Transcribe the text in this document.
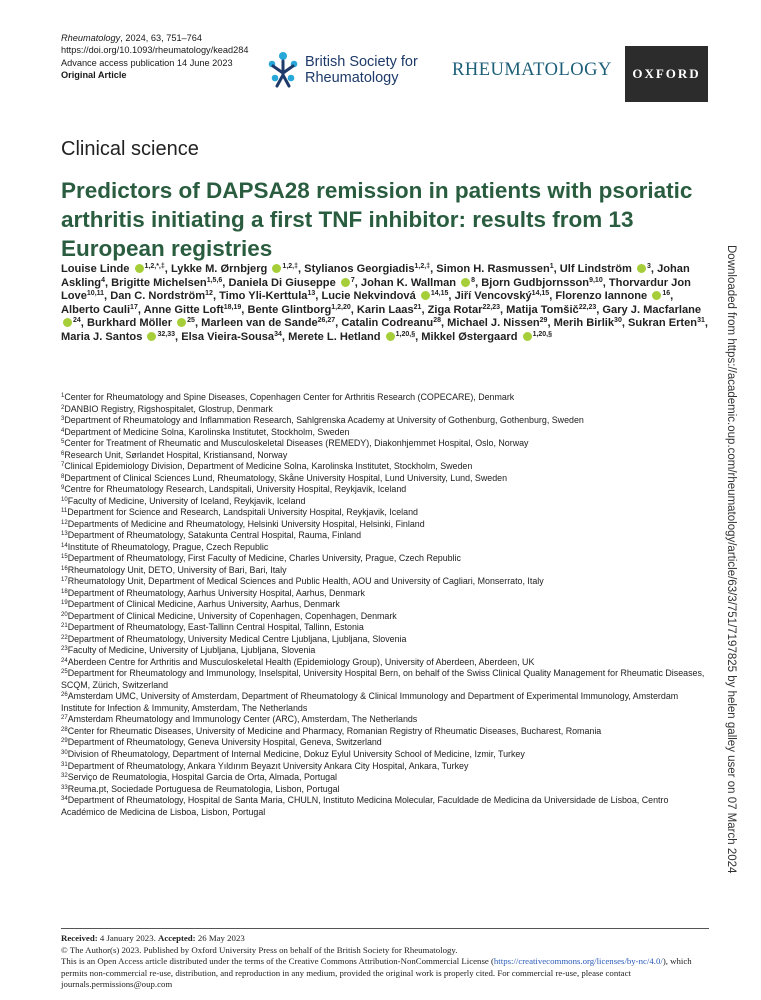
Rheumatology, 2024, 63, 751–764
https://doi.org/10.1093/rheumatology/kead284
Advance access publication 14 June 2023
Original Article
British Society for
Rheumatology	RHEUMATOLOGY	OXFORD
Clinical science
Predictors of DAPSA28 remission in patients with psoriatic arthritis initiating a first TNF inhibitor: results from 13 European registries
Louise Linde $^{1,2,*,\ddagger}$, Lykke M. Ørnbjerg $^{1,2,\ddagger}$, Stylianos Georgiadis$^{1,2,\ddagger}$, Simon H. Rasmussen$^1$, Ulf Lindström $^3$, Johan Askling$^4$, Brigitte Michelsen$^{1,5,6}$, Daniela Di Giuseppe $^7$, Johan K. Wallman $^8$, Bjorn Gudbjornsson$^{9,10}$, Thorvardur Jon Love$^{10,11}$, Dan C. Nordström$^{12}$, Timo Yli-Kerttula$^{13}$, Lucie Nekvindová $^{14,15}$, Jiří Vencovský$^{14,15}$, Florenzo Iannone $^{16}$, Alberto Cauli$^{17}$, Anne Gitte Loft$^{18,19}$, Bente Glintborg$^{1,2,20}$, Karin Laas$^{21}$, Ziga Rotar$^{22,23}$, Matija Tomšič$^{22,23}$, Gary J. Macfarlane $^{24}$, Burkhard Möller $^{25}$, Marleen van de Sande$^{26,27}$, Catalin Codreanu$^{28}$, Michael J. Nissen$^{29}$, Merih Birlik$^{30}$, Sukran Erten$^{31}$, Maria J. Santos $^{32,33}$, Elsa Vieira-Sousa$^{34}$, Merete L. Hetland $^{1,20,\S}$, Mikkel Østergaard $^{1,20,\S}$
$^1$Center for Rheumatology and Spine Diseases, Copenhagen Center for Arthritis Research (COPECARE), Denmark
$^2$DANBIO Registry, Rigshospitalet, Glostrup, Denmark
$^3$Department of Rheumatology and Inflammation Research, Sahlgrenska Academy at University of Gothenburg, Gothenburg, Sweden
$^4$Department of Medicine Solna, Karolinska Institutet, Stockholm, Sweden
$^5$Center for Treatment of Rheumatic and Musculoskeletal Diseases (REMEDY), Diakonhjemmet Hospital, Oslo, Norway
$^6$Research Unit, Sørlandet Hospital, Kristiansand, Norway
$^7$Clinical Epidemiology Division, Department of Medicine Solna, Karolinska Institutet, Stockholm, Sweden
$^8$Department of Clinical Sciences Lund, Rheumatology, Skåne University Hospital, Lund University, Lund, Sweden
$^9$Centre for Rheumatology Research, Landspitali, University Hospital, Reykjavik, Iceland
$^{10}$Faculty of Medicine, University of Iceland, Reykjavik, Iceland
$^{11}$Department for Science and Research, Landspitali University Hospital, Reykjavik, Iceland
$^{12}$Departments of Medicine and Rheumatology, Helsinki University Hospital, Helsinki, Finland
$^{13}$Department of Rheumatology, Satakunta Central Hospital, Rauma, Finland
$^{14}$Institute of Rheumatology, Prague, Czech Republic
$^{15}$Department of Rheumatology, First Faculty of Medicine, Charles University, Prague, Czech Republic
$^{16}$Rheumatology Unit, DETO, University of Bari, Bari, Italy
$^{17}$Rheumatology Unit, Department of Medical Sciences and Public Health, AOU and University of Cagliari, Monserrato, Italy
$^{18}$Department of Rheumatology, Aarhus University Hospital, Aarhus, Denmark
$^{19}$Department of Clinical Medicine, Aarhus University, Aarhus, Denmark
$^{20}$Department of Clinical Medicine, University of Copenhagen, Copenhagen, Denmark
$^{21}$Department of Rheumatology, East-Tallinn Central Hospital, Tallinn, Estonia
$^{22}$Department of Rheumatology, University Medical Centre Ljubljana, Ljubljana, Slovenia
$^{23}$Faculty of Medicine, University of Ljubljana, Ljubljana, Slovenia
$^{24}$Aberdeen Centre for Arthritis and Musculoskeletal Health (Epidemiology Group), University of Aberdeen, Aberdeen, UK
$^{25}$Department for Rheumatology and Immunology, Inselspital, University Hospital Bern, on behalf of the Swiss Clinical Quality Management for Rheumatic Diseases, SCQM, Zürich, Switzerland
$^{26}$Amsterdam UMC, University of Amsterdam, Department of Rheumatology & Clinical Immunology and Department of Experimental Immunology, Amsterdam Institute for Infection & Immunity, Amsterdam, The Netherlands
$^{27}$Amsterdam Rheumatology and Immunology Center (ARC), Amsterdam, The Netherlands
$^{28}$Center for Rheumatic Diseases, University of Medicine and Pharmacy, Romanian Registry of Rheumatic Diseases, Bucharest, Romania
$^{29}$Department of Rheumatology, Geneva University Hospital, Geneva, Switzerland
$^{30}$Division of Rheumatology, Department of Internal Medicine, Dokuz Eylul University School of Medicine, Izmir, Turkey
$^{31}$Department of Rheumatology, Ankara Yıldırım Beyazıt University Ankara City Hospital, Ankara, Turkey
$^{32}$Serviço de Reumatologia, Hospital Garcia de Orta, Almada, Portugal
$^{33}$Reuma.pt, Sociedade Portuguesa de Reumatologia, Lisbon, Portugal
$^{34}$Department of Rheumatology, Hospital de Santa Maria, CHULN, Instituto Medicina Molecular, Faculdade de Medicina da Universidade de Lisboa, Centro Académico de Medicina de Lisboa, Lisbon, Portugal
Received: 4 January 2023. Accepted: 26 May 2023
© The Author(s) 2023. Published by Oxford University Press on behalf of the British Society for Rheumatology.
This is an Open Access article distributed under the terms of the Creative Commons Attribution-NonCommercial License (https://creativecommons.org/licenses/by-nc/4.0/), which permits non-commercial re-use, distribution, and reproduction in any medium, provided the original work is properly cited. For commercial re-use, please contact journals.permissions@oup.com
Downloaded from https://academic.oup.com/rheumatology/article/63/3/751/7197825 by helen galley user on 07 March 2024
